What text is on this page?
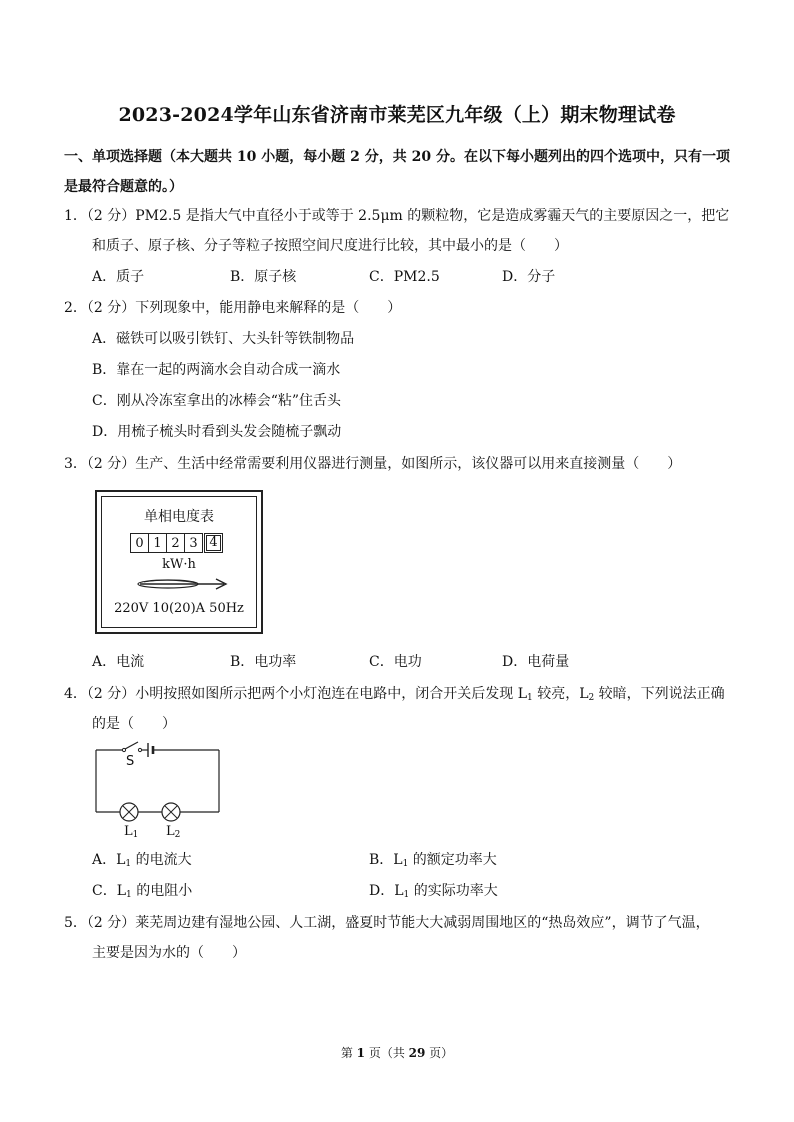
2023-2024学年山东省济南市莱芜区九年级（上）期末物理试卷
一、单项选择题（本大题共 10 小题，每小题 2 分，共 20 分。在以下每小题列出的四个选项中，只有一项
是最符合题意的。）
1．（2 分）PM2.5 是指大气中直径小于或等于 2.5μm 的颗粒物，它是造成雾霾天气的主要原因之一，把它
和质子、原子核、分子等粒子按照空间尺度进行比较，其中最小的是（　　）
A．质子	B．原子核	C．PM2.5	D．分子
2．（2 分）下列现象中，能用静电来解释的是（　　）
A．磁铁可以吸引铁钉、大头针等铁制物品
B．靠在一起的两滴水会自动合成一滴水
C．刚从冷冻室拿出的冰棒会“粘”住舌头
D．用梳子梳头时看到头发会随梳子飘动
3．（2 分）生产、生活中经常需要利用仪器进行测量，如图所示，该仪器可以用来直接测量（　　）
单相电度表
0 1 2 3 4
kW·h
220V 10(20)A 50Hz
A．电流	B．电功率	C．电功	D．电荷量
4．（2 分）小明按照如图所示把两个小灯泡连在电路中，闭合开关后发现 $L_1$ 较亮，$L_2$ 较暗，下列说法正确
的是（　　）
S
$L_1$ $L_2$
A．$L_1$ 的电流大	B．$L_1$ 的额定功率大
C．$L_1$ 的电阻小	D．$L_1$ 的实际功率大
5．（2 分）莱芜周边建有湿地公园、人工湖，盛夏时节能大大减弱周围地区的“热岛效应”，调节了气温，
主要是因为水的（　　）
第 1 页（共 29 页）
